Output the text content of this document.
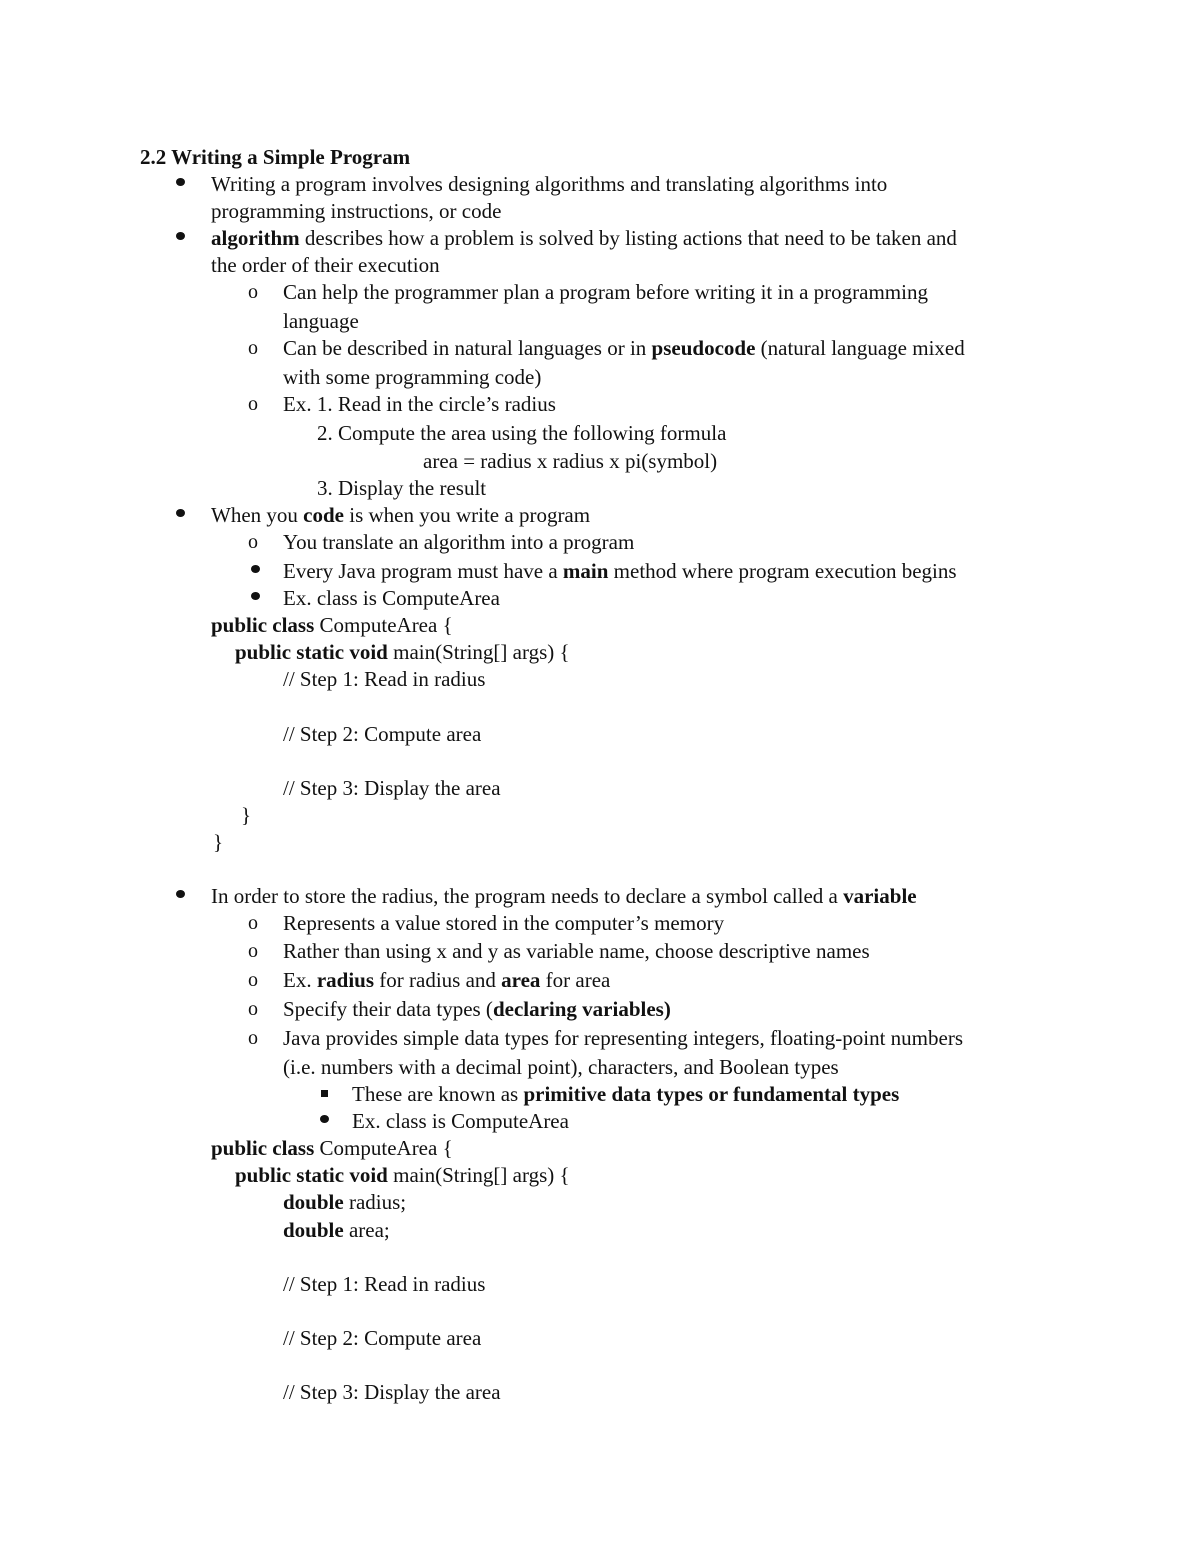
2.2 Writing a Simple Program
Writing a program involves designing algorithms and translating algorithms into
programming instructions, or code
algorithm describes how a problem is solved by listing actions that need to be taken and
the order of their execution
o Can help the programmer plan a program before writing it in a programming
language
o Can be described in natural languages or in pseudocode (natural language mixed
with some programming code)
o Ex. 1. Read in the circle’s radius
2. Compute the area using the following formula
area = radius x radius x pi(symbol)
3. Display the result
When you code is when you write a program
o You translate an algorithm into a program
Every Java program must have a main method where program execution begins
Ex. class is ComputeArea
public class ComputeArea {
public static void main(String[] args) {
// Step 1: Read in radius
// Step 2: Compute area
// Step 3: Display the area
}
}
In order to store the radius, the program needs to declare a symbol called a variable
o Represents a value stored in the computer’s memory
o Rather than using x and y as variable name, choose descriptive names
o Ex. radius for radius and area for area
o Specify their data types (declaring variables)
o Java provides simple data types for representing integers, floating-point numbers
(i.e. numbers with a decimal point), characters, and Boolean types
These are known as primitive data types or fundamental types
Ex. class is ComputeArea
public class ComputeArea {
public static void main(String[] args) {
double radius;
double area;
// Step 1: Read in radius
// Step 2: Compute area
// Step 3: Display the area
